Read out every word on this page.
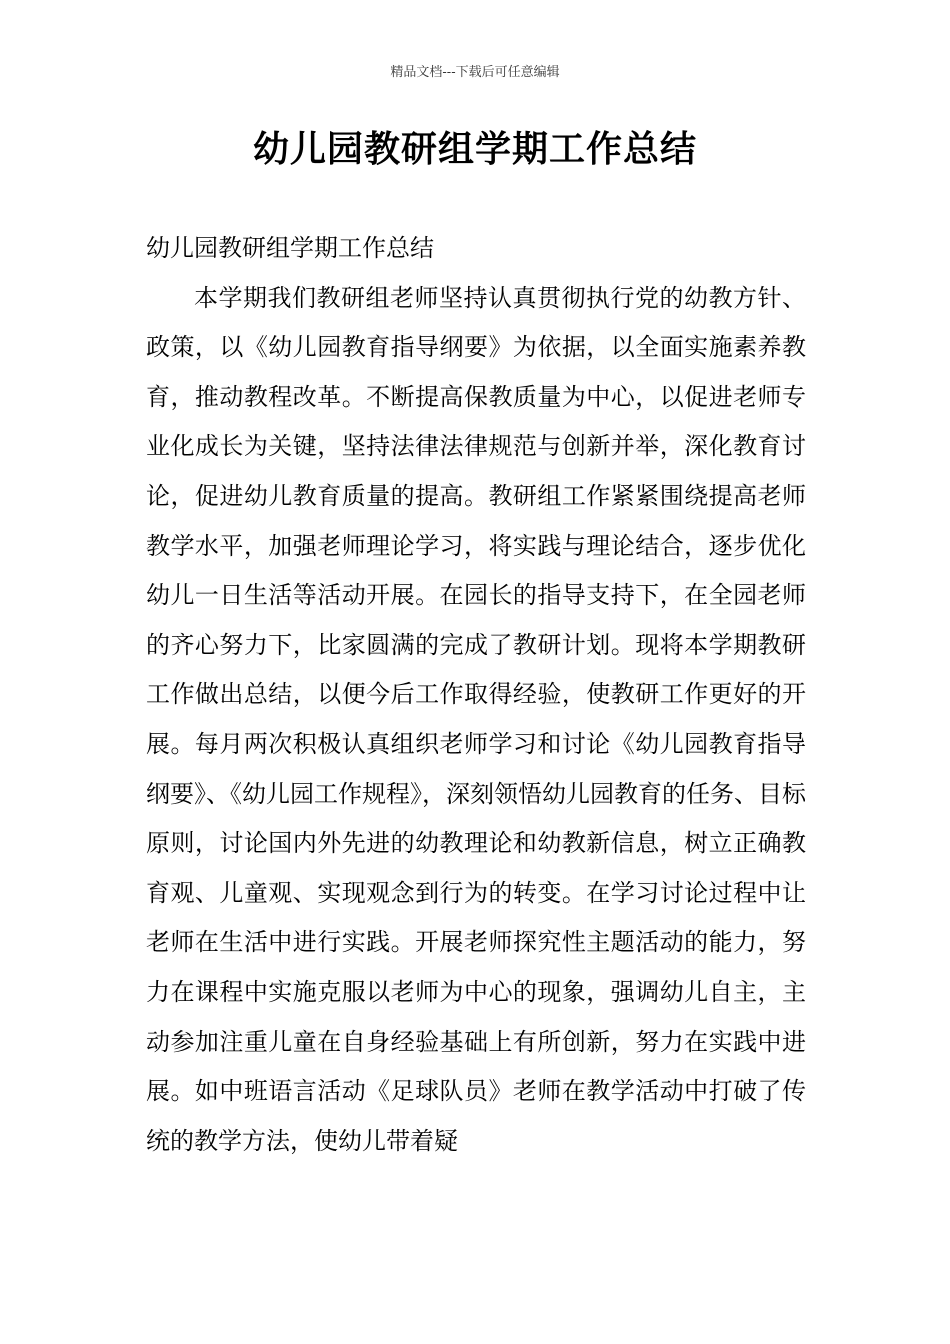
精品文档---下载后可任意编辑
幼儿园教研组学期工作总结

幼儿园教研组学期工作总结

本学期我们教研组老师坚持认真贯彻执行党的幼教方针、政策，以《幼儿园教育指导纲要》为依据，以全面实施素养教育，推动教程改革。不断提高保教质量为中心，以促进老师专业化成长为关键，坚持法律法律规范与创新并举，深化教育讨论，促进幼儿教育质量的提高。教研组工作紧紧围绕提高老师教学水平，加强老师理论学习，将实践与理论结合，逐步优化幼儿一日生活等活动开展。在园长的指导支持下，在全园老师的齐心努力下，比家圆满的完成了教研计划。现将本学期教研工作做出总结，以便今后工作取得经验，使教研工作更好的开展。每月两次积极认真组织老师学习和讨论《幼儿园教育指导纲要》、《幼儿园工作规程》，深刻领悟幼儿园教育的任务、目标原则，讨论国内外先进的幼教理论和幼教新信息，树立正确教育观、儿童观、实现观念到行为的转变。在学习讨论过程中让老师在生活中进行实践。开展老师探究性主题活动的能力，努力在课程中实施克服以老师为中心的现象，强调幼儿自主，主动参加注重儿童在自身经验基础上有所创新，努力在实践中进展。如中班语言活动《足球队员》老师在教学活动中打破了传统的教学方法，使幼儿带着疑
